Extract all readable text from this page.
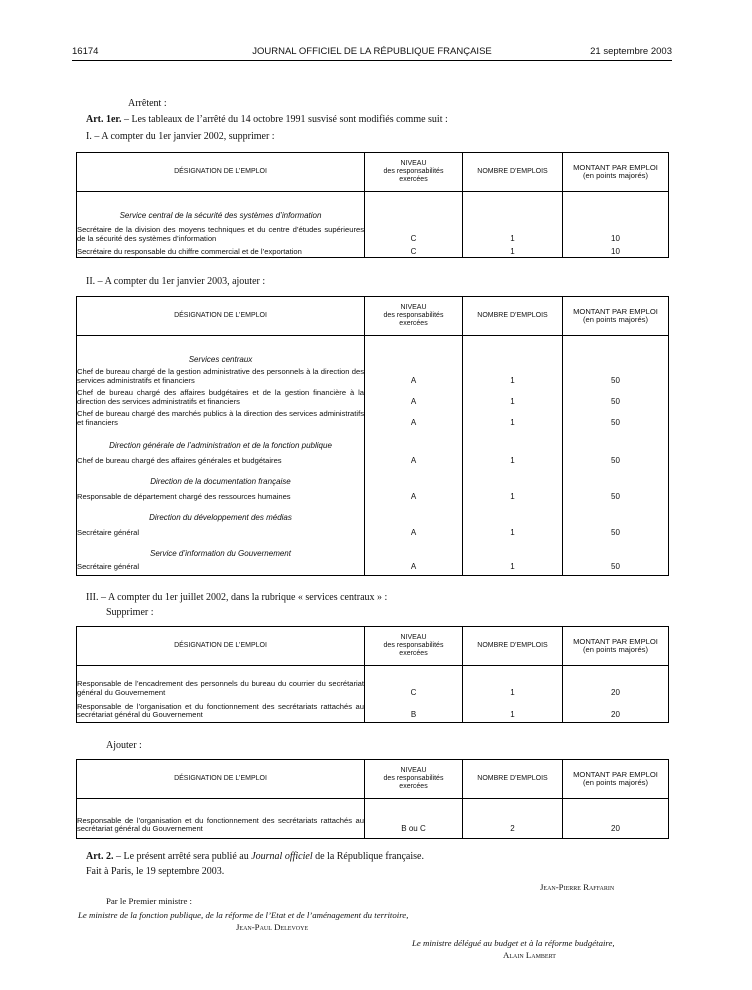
16174	JOURNAL OFFICIEL DE LA RÉPUBLIQUE FRANÇAISE	21 septembre 2003
Arrêtent :
Art. 1er. – Les tableaux de l’arrêté du 14 octobre 1991 susvisé sont modifiés comme suit :
I. – A compter du 1er janvier 2002, supprimer :
DÉSIGNATION DE L’EMPLOI	NIVEAU
des responsabilités
exercées	NOMBRE D’EMPLOIS	MONTANT PAR EMPLOI
(en points majorés)
Service central de la sécurité des systèmes d’information			
Secrétaire de la division des moyens techniques et du centre d’études supérieures de la sécurité des systèmes d’information	C	1	10
Secrétaire du responsable du chiffre commercial et de l’exportation	C	1	10
II. – A compter du 1er janvier 2003, ajouter :
DÉSIGNATION DE L’EMPLOI	NIVEAU
des responsabilités
exercées	NOMBRE D’EMPLOIS	MONTANT PAR EMPLOI
(en points majorés)
Services centraux			
Chef de bureau chargé de la gestion administrative des personnels à la direction des services administratifs et financiers	A	1	50
Chef de bureau chargé des affaires budgétaires et de la gestion financière à la direction des services administratifs et financiers	A	1	50
Chef de bureau chargé des marchés publics à la direction des services administratifs et financiers	A	1	50
Direction générale de l’administration et de la fonction publique			
Chef de bureau chargé des affaires générales et budgétaires	A	1	50
Direction de la documentation française			
Responsable de département chargé des ressources humaines	A	1	50
Direction du développement des médias			
Secrétaire général	A	1	50
Service d’information du Gouvernement			
Secrétaire général	A	1	50
III. – A compter du 1er juillet 2002, dans la rubrique « services centraux » :
Supprimer :
DÉSIGNATION DE L’EMPLOI	NIVEAU
des responsabilités
exercées	NOMBRE D’EMPLOIS	MONTANT PAR EMPLOI
(en points majorés)
Responsable de l’encadrement des personnels du bureau du courrier du secrétariat général du Gouvernement	C	1	20
Responsable de l’organisation et du fonctionnement des secrétariats rattachés au secrétariat général du Gouvernement	B	1	20
Ajouter :
DÉSIGNATION DE L’EMPLOI	NIVEAU
des responsabilités
exercées	NOMBRE D’EMPLOIS	MONTANT PAR EMPLOI
(en points majorés)
Responsable de l’organisation et du fonctionnement des secrétariats rattachés au secrétariat général du Gouvernement	B ou C	2	20
Art. 2. – Le présent arrêté sera publié au Journal officiel de la République française.
Fait à Paris, le 19 septembre 2003.
Jean-Pierre Raffarin
Par le Premier ministre :
Le ministre de la fonction publique, de la réforme de l’Etat et de l’aménagement du territoire,
Jean-Paul Delevoye
Le ministre délégué au budget et à la réforme budgétaire,
Alain Lambert
